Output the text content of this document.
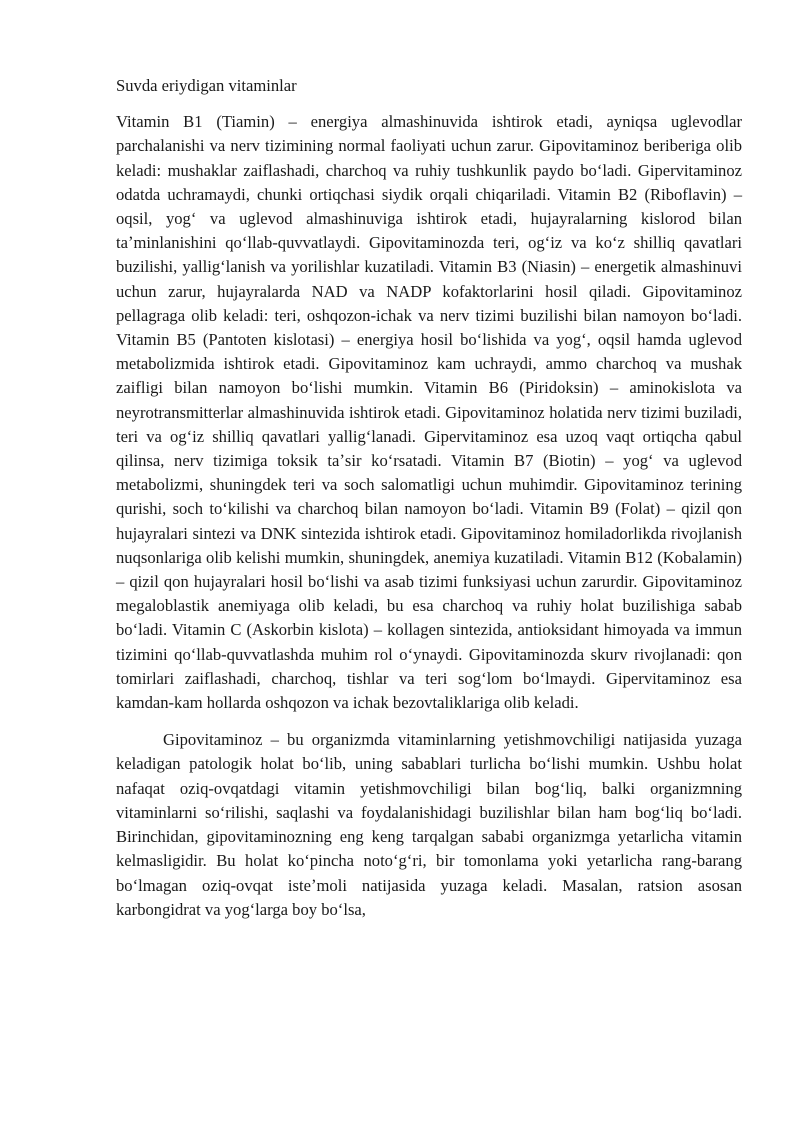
Suvda eriydigan vitaminlar

Vitamin B1 (Tiamin) – energiya almashinuvida ishtirok etadi, ayniqsa uglevodlar parchalanishi va nerv tizimining normal faoliyati uchun zarur. Gipovitaminoz beriberiga olib keladi: mushaklar zaiflashadi, charchoq va ruhiy tushkunlik paydo boʻladi. Gipervitaminoz odatda uchramaydi, chunki ortiqchasi siydik orqali chiqariladi. Vitamin B2 (Riboflavin) – oqsil, yogʻ va uglevod almashinuviga ishtirok etadi, hujayralarning kislorod bilan taʼminlanishini qoʻllab-quvvatlaydi. Gipovitaminozda teri, ogʻiz va koʻz shilliq qavatlari buzilishi, yalligʻlanish va yorilishlar kuzatiladi. Vitamin B3 (Niasin) – energetik almashinuvi uchun zarur, hujayralarda NAD va NADP kofaktorlarini hosil qiladi. Gipovitaminoz pellagraga olib keladi: teri, oshqozon-ichak va nerv tizimi buzilishi bilan namoyon boʻladi. Vitamin B5 (Pantoten kislotasi) – energiya hosil boʻlishida va yogʻ, oqsil hamda uglevod metabolizmida ishtirok etadi. Gipovitaminoz kam uchraydi, ammo charchoq va mushak zaifligi bilan namoyon boʻlishi mumkin. Vitamin B6 (Piridoksin) – aminokislota va neyrotransmitterlar almashinuvida ishtirok etadi. Gipovitaminoz holatida nerv tizimi buziladi, teri va ogʻiz shilliq qavatlari yalligʻlanadi. Gipervitaminoz esa uzoq vaqt ortiqcha qabul qilinsa, nerv tizimiga toksik taʼsir koʻrsatadi. Vitamin B7 (Biotin) – yogʻ va uglevod metabolizmi, shuningdek teri va soch salomatligi uchun muhimdir. Gipovitaminoz terining qurishi, soch toʻkilishi va charchoq bilan namoyon boʻladi. Vitamin B9 (Folat) – qizil qon hujayralari sintezi va DNK sintezida ishtirok etadi. Gipovitaminoz homiladorlikda rivojlanish nuqsonlariga olib kelishi mumkin, shuningdek, anemiya kuzatiladi. Vitamin B12 (Kobalamin) – qizil qon hujayralari hosil boʻlishi va asab tizimi funksiyasi uchun zarurdir. Gipovitaminoz megaloblastik anemiyaga olib keladi, bu esa charchoq va ruhiy holat buzilishiga sabab boʻladi. Vitamin C (Askorbin kislota) – kollagen sintezida, antioksidant himoyada va immun tizimini qoʻllab-quvvatlashda muhim rol oʻynaydi. Gipovitaminozda skurv rivojlanadi: qon tomirlari zaiflashadi, charchoq, tishlar va teri sogʻlom boʻlmaydi. Gipervitaminoz esa kamdan-kam hollarda oshqozon va ichak bezovtaliklariga olib keladi.

Gipovitaminoz – bu organizmda vitaminlarning yetishmovchiligi natijasida yuzaga keladigan patologik holat boʻlib, uning sabablari turlicha boʻlishi mumkin. Ushbu holat nafaqat oziq-ovqatdagi vitamin yetishmovchiligi bilan bogʻliq, balki organizmning vitaminlarni soʻrilishi, saqlashi va foydalanishidagi buzilishlar bilan ham bogʻliq boʻladi. Birinchidan, gipovitaminozning eng keng tarqalgan sababi organizmga yetarlicha vitamin kelmasligidir. Bu holat koʻpincha notoʻgʻri, bir tomonlama yoki yetarlicha rang-barang boʻlmagan oziq-ovqat isteʼmoli natijasida yuzaga keladi. Masalan, ratsion asosan karbongidrat va yogʻlarga boy boʻlsa,
